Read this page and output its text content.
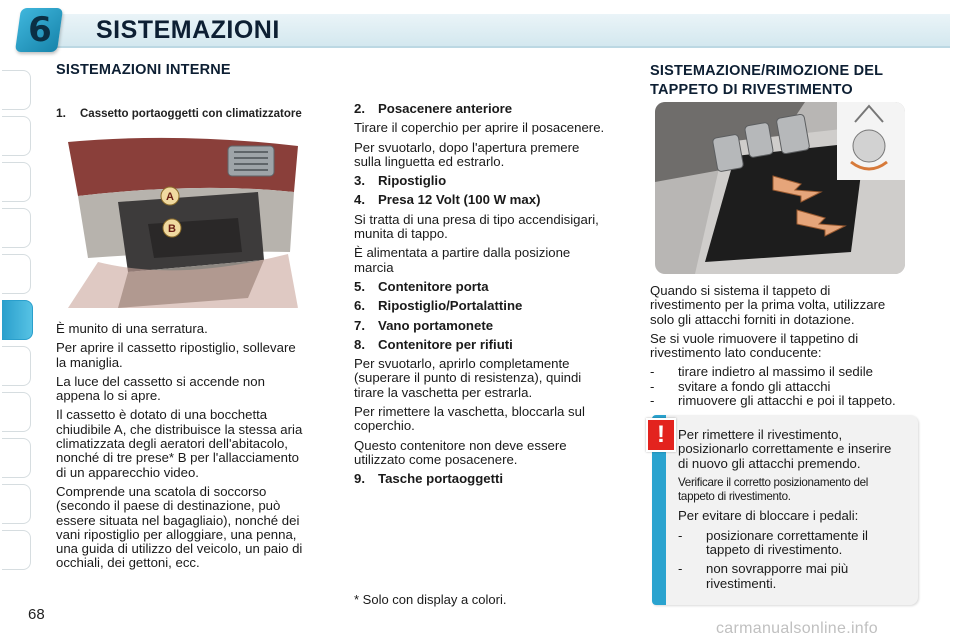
6	SISTEMAZIONI
SISTEMAZIONI INTERNE
1. Cassetto portaoggetti con climatizzatore
A
B

È munito di una serratura.

Per aprire il cassetto ripostiglio, sollevare la maniglia.

La luce del cassetto si accende non appena lo si apre.

Il cassetto è dotato di una bocchetta chiudibile A, che distribuisce la stessa aria climatizzata degli aeratori dell'abitacolo, nonché di tre prese* B per l'allacciamento di un apparecchio video.

Comprende una scatola di soccorso (secondo il paese di destinazione, può essere situata nel bagagliaio), nonché dei vani ripostiglio per alloggiare, una penna, una guida di utilizzo del veicolo, un paio di occhiali, dei gettoni, ecc.

2. Posacenere anteriore

Tirare il coperchio per aprire il posacenere.

Per svuotarlo, dopo l'apertura premere sulla linguetta ed estrarlo.

3. Ripostiglio
4. Presa 12 Volt (100 W max)

Si tratta di una presa di tipo accendisigari, munita di tappo.

È alimentata a partire dalla posizione marcia

5. Contenitore porta
6. Ripostiglio/Portalattine
7. Vano portamonete
8. Contenitore per rifiuti

Per svuotarlo, aprirlo completamente (superare il punto di resistenza), quindi tirare la vaschetta per estrarla.

Per rimettere la vaschetta, bloccarla sul coperchio.

Questo contenitore non deve essere utilizzato come posacenere.

9. Tasche portaoggetti
* Solo con display a colori.
SISTEMAZIONE/RIMOZIONE DEL
TAPPETO DI RIVESTIMENTO

Quando si sistema il tappeto di rivestimento per la prima volta, utilizzare solo gli attacchi forniti in dotazione.

Se si vuole rimuovere il tappetino di rivestimento lato conducente:

- tirare indietro al massimo il sedile
- svitare a fondo gli attacchi
- rimuovere gli attacchi e poi il tappeto.
! Per rimettere il rivestimento, posizionarlo correttamente e inserire di nuovo gli attacchi premendo.

Verificare il corretto posizionamento del tappeto di rivestimento.

Per evitare di bloccare i pedali:

- posizionare correttamente il tappeto di rivestimento.
- non sovrapporre mai più rivestimenti.
68
carmanualsonline.info
